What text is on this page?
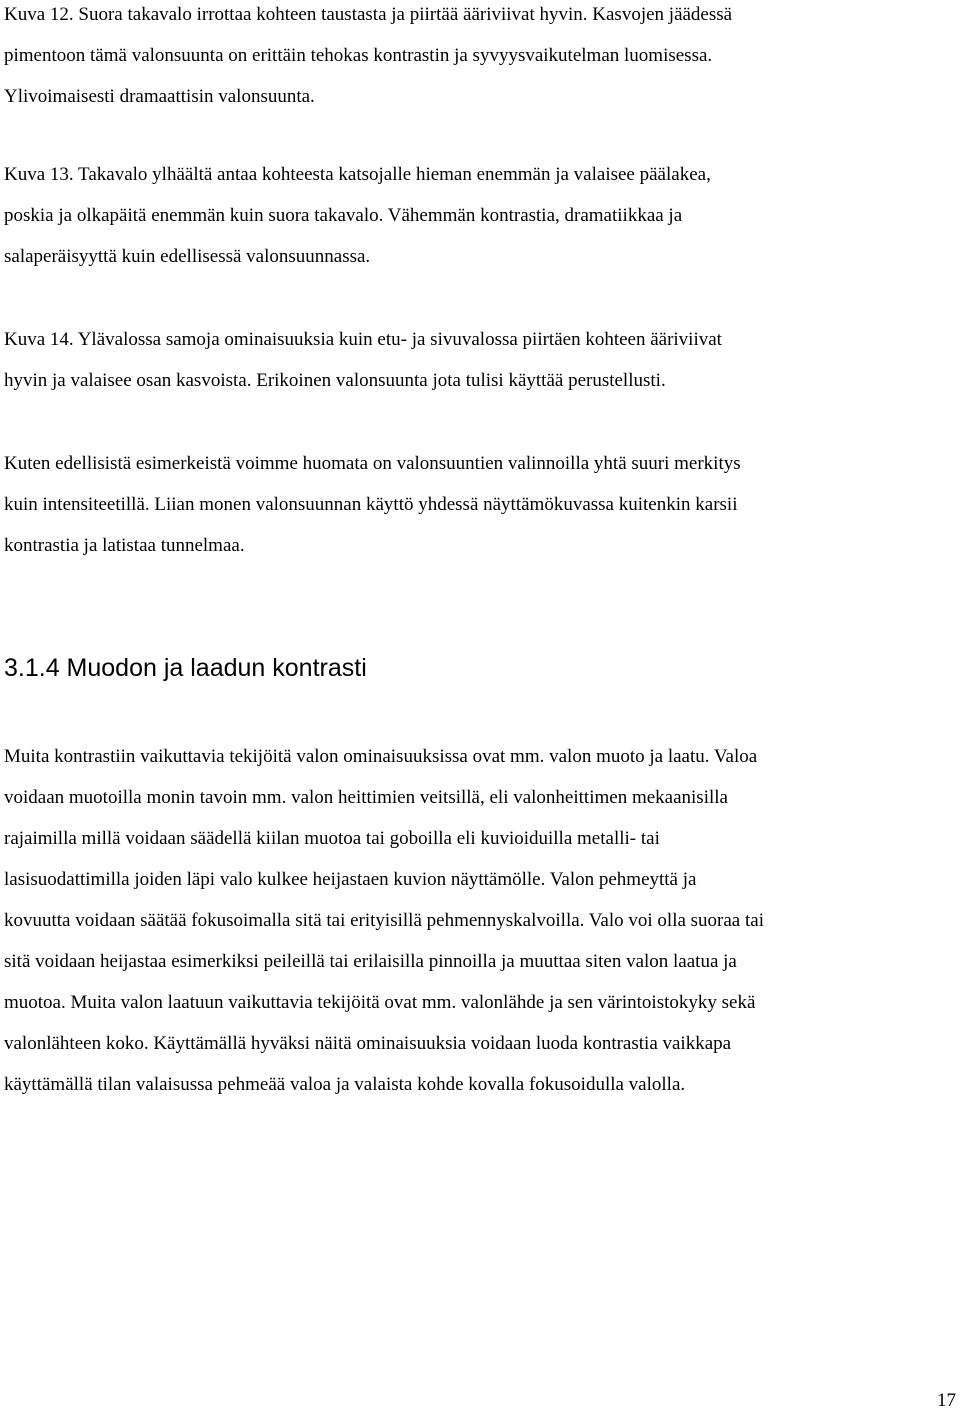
Kuva 12. Suora takavalo irrottaa kohteen taustasta ja piirtää ääriviivat hyvin. Kasvojen jäädessä
pimentoon tämä valonsuunta on erittäin tehokas kontrastin ja syvyysvaikutelman luomisessa.
Ylivoimaisesti dramaattisin valonsuunta.
Kuva 13. Takavalo ylhäältä antaa kohteesta katsojalle hieman enemmän ja valaisee päälakea,
poskia ja olkapäitä enemmän kuin suora takavalo. Vähemmän kontrastia, dramatiikkaa ja
salaperäisyyttä kuin edellisessä valonsuunnassa.
Kuva 14. Ylävalossa samoja ominaisuuksia kuin etu- ja sivuvalossa piirtäen kohteen ääriviivat
hyvin ja valaisee osan kasvoista. Erikoinen valonsuunta jota tulisi käyttää perustellusti.
Kuten edellisistä esimerkeistä voimme huomata on valonsuuntien valinnoilla yhtä suuri merkitys
kuin intensiteetillä. Liian monen valonsuunnan käyttö yhdessä näyttämökuvassa kuitenkin karsii
kontrastia ja latistaa tunnelmaa.
3.1.4 Muodon ja laadun kontrasti
Muita kontrastiin vaikuttavia tekijöitä valon ominaisuuksissa ovat mm. valon muoto ja laatu. Valoa
voidaan muotoilla monin tavoin mm. valon heittimien veitsillä, eli valonheittimen mekaanisilla
rajaimilla millä voidaan säädellä kiilan muotoa tai goboilla eli kuvioiduilla metalli- tai
lasisuodattimilla joiden läpi valo kulkee heijastaen kuvion näyttämölle. Valon pehmeyttä ja
kovuutta voidaan säätää fokusoimalla sitä tai erityisillä pehmennyskalvoilla. Valo voi olla suoraa tai
sitä voidaan heijastaa esimerkiksi peileillä tai erilaisilla pinnoilla ja muuttaa siten valon laatua ja
muotoa. Muita valon laatuun vaikuttavia tekijöitä ovat mm. valonlähde ja sen värintoistokyky sekä
valonlähteen koko. Käyttämällä hyväksi näitä ominaisuuksia voidaan luoda kontrastia vaikkapa
käyttämällä tilan valaisussa pehmeää valoa ja valaista kohde kovalla fokusoidulla valolla.
17
